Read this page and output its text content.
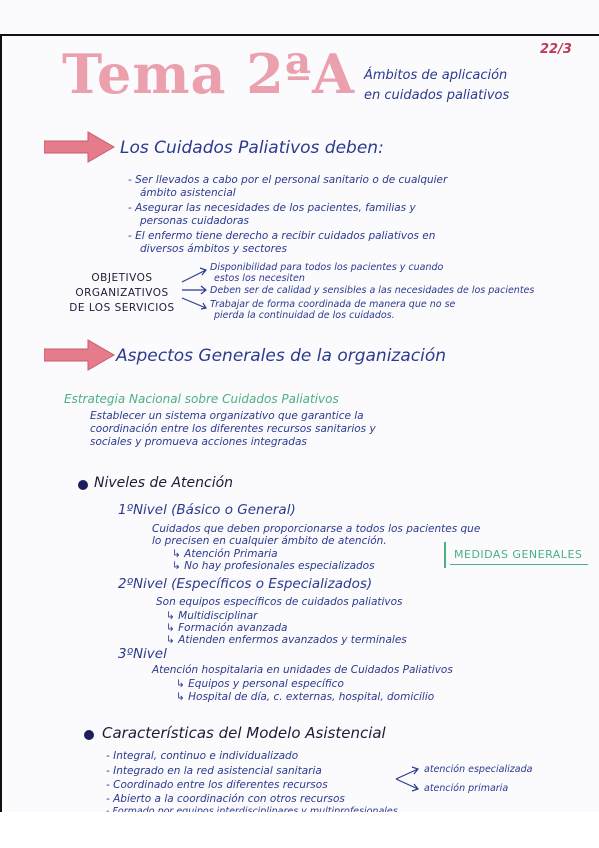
22/3
Tema 2ªA Ámbitos de aplicación
en cuidados paliativos
Los Cuidados Paliativos deben:
- Ser llevados a cabo por el personal sanitario o de cualquier
ámbito asistencial
- Asegurar las necesidades de los pacientes, familias y
personas cuidadoras
- El enfermo tiene derecho a recibir cuidados paliativos en
diversos ámbitos y sectores
OBJETIVOS
ORGANIZATIVOS
DE LOS SERVICIOS
Disponibilidad para todos los pacientes y cuando
estos los necesiten
Deben ser de calidad y sensibles a las necesidades de los pacientes
Trabajar de forma coordinada de manera que no se
pierda la continuidad de los cuidados.
Aspectos Generales de la organización
Estrategia Nacional sobre Cuidados Paliativos
Establecer un sistema organizativo que garantice la
coordinación entre los diferentes recursos sanitarios y
sociales y promueva acciones integradas
Niveles de Atención
1ºNivel (Básico o General)
Cuidados que deben proporcionarse a todos los pacientes que
lo precisen en cualquier ámbito de atención.
↳ Atención Primaria
↳ No hay profesionales especializados
MEDIDAS GENERALES
2ºNivel (Específicos o Especializados)
Son equipos específicos de cuidados paliativos
↳ Multidisciplinar
↳ Formación avanzada
↳ Atienden enfermos avanzados y terminales
3ºNivel
Atención hospitalaria en unidades de Cuidados Paliativos
↳ Equipos y personal específico
↳ Hospital de día, c. externas, hospital, domicilio
Características del Modelo Asistencial
- Integral, continuo e individualizado
- Integrado en la red asistencial sanitaria
- Coordinado entre los diferentes recursos
- Abierto a la coordinación con otros recursos
atención especializada
atención primaria
